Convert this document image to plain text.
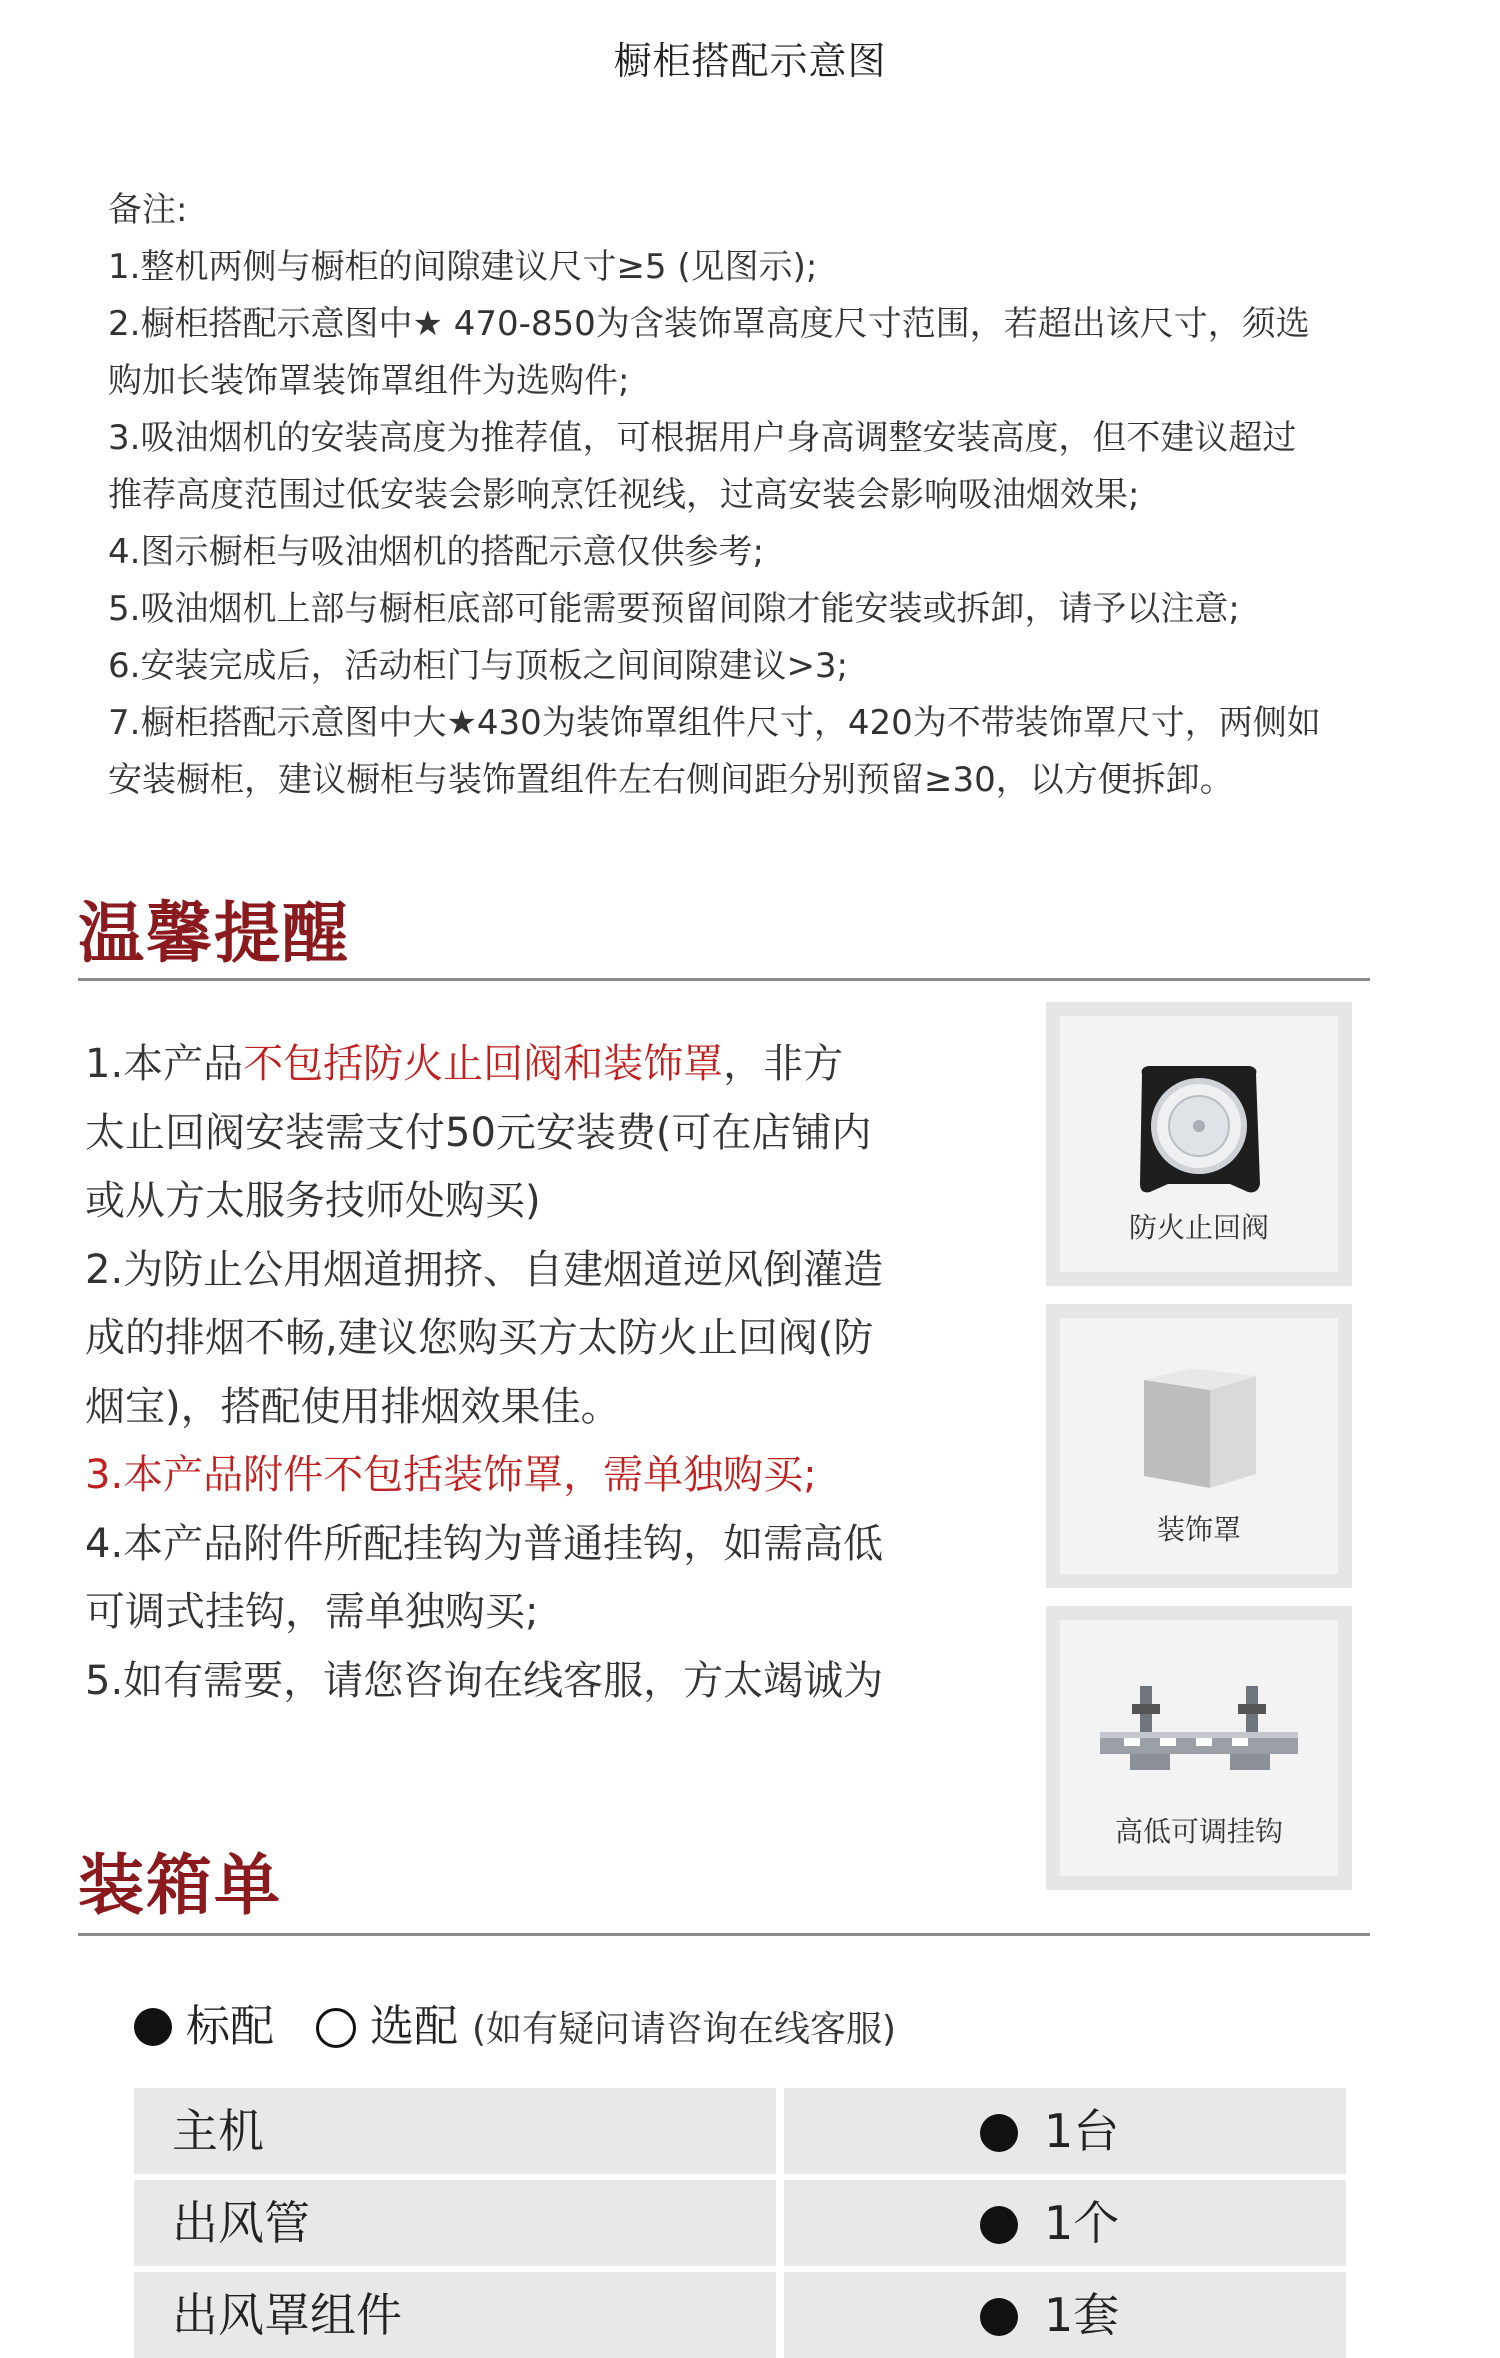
橱柜搭配示意图
备注:
1.整机两侧与橱柜的间隙建议尺寸≥5 (见图示);
2.橱柜搭配示意图中★ 470-850为含装饰罩高度尺寸范围，若超出该尺寸，须选
购加长装饰罩装饰罩组件为选购件;
3.吸油烟机的安装高度为推荐值，可根据用户身高调整安装高度，但不建议超过
推荐高度范围过低安装会影响烹饪视线，过高安装会影响吸油烟效果;
4.图示橱柜与吸油烟机的搭配示意仅供参考;
5.吸油烟机上部与橱柜底部可能需要预留间隙才能安装或拆卸，请予以注意;
6.安装完成后，活动柜门与顶板之间间隙建议>3;
7.橱柜搭配示意图中大★430为装饰罩组件尺寸，420为不带装饰罩尺寸，两侧如
安装橱柜，建议橱柜与装饰置组件左右侧间距分别预留≥30，以方便拆卸。
温馨提醒
1.本产品不包括防火止回阀和装饰罩，非方
太止回阀安装需支付50元安装费(可在店铺内
或从方太服务技师处购买)
2.为防止公用烟道拥挤、自建烟道逆风倒灌造
成的排烟不畅,建议您购买方太防火止回阀(防
烟宝)，搭配使用排烟效果佳。
3.本产品附件不包括装饰罩，需单独购买;
4.本产品附件所配挂钩为普通挂钩，如需高低
可调式挂钩，需单独购买;
5.如有需要，请您咨询在线客服，方太竭诚为
防火止回阀
装饰罩
高低可调挂钩
装箱单
标配 选配 (如有疑问请咨询在线客服)
主机	1台
出风管	1个
出风罩组件	1套
